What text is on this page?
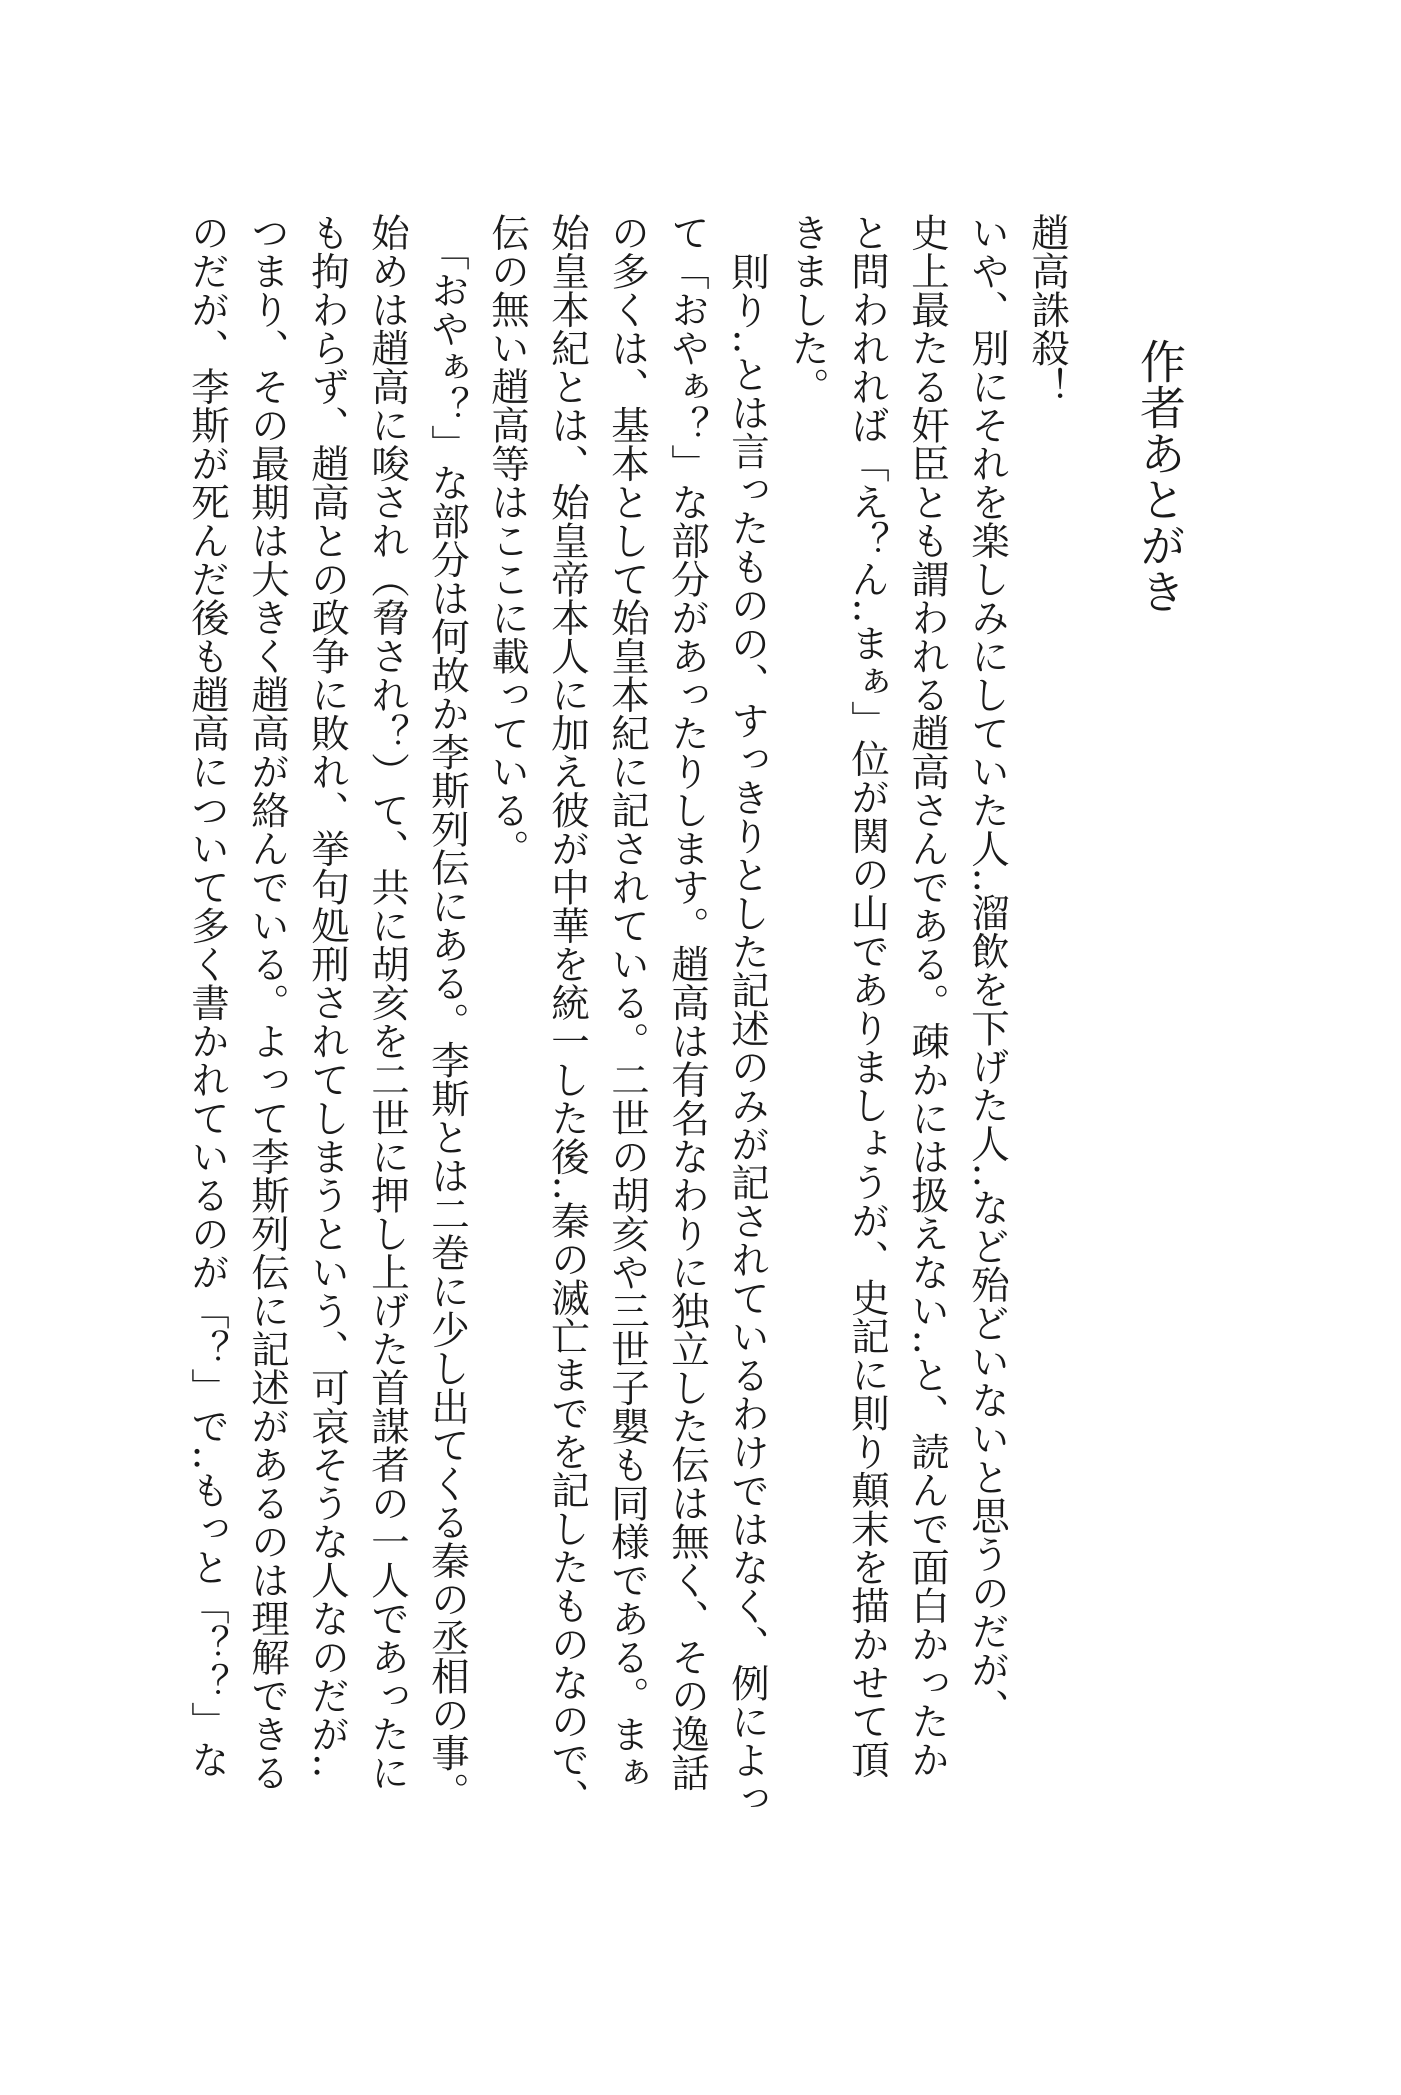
作者あとがき
趙高誅殺！
いや、別にそれを楽しみにしていた人‥溜飲を下げた人‥など殆どいないと思うのだが、
史上最たる奸臣とも謂われる趙高さんである。疎かには扱えない‥と、読んで面白かったか
と問われれば「え？ん‥まぁ」位が関の山でありましょうが、史記に則り顛末を描かせて頂
きました。
則り‥とは言ったものの、すっきりとした記述のみが記されているわけではなく、例によっ
て「おやぁ？」な部分があったりします。趙高は有名なわりに独立した伝は無く、その逸話
の多くは、基本として始皇本紀に記されている。二世の胡亥や三世子嬰も同様である。まぁ
始皇本紀とは、始皇帝本人に加え彼が中華を統一した後‥秦の滅亡までを記したものなので、
伝の無い趙高等はここに載っている。
「おやぁ？」な部分は何故か李斯列伝にある。李斯とは二巻に少し出てくる秦の丞相の事。
始めは趙高に唆され（脅され？）て、共に胡亥を二世に押し上げた首謀者の一人であったに
も拘わらず、趙高との政争に敗れ、挙句処刑されてしまうという、可哀そうな人なのだが‥
つまり、その最期は大きく趙高が絡んでいる。よって李斯列伝に記述があるのは理解できる
のだが、李斯が死んだ後も趙高について多く書かれているのが「？」で‥もっと「？？」な
